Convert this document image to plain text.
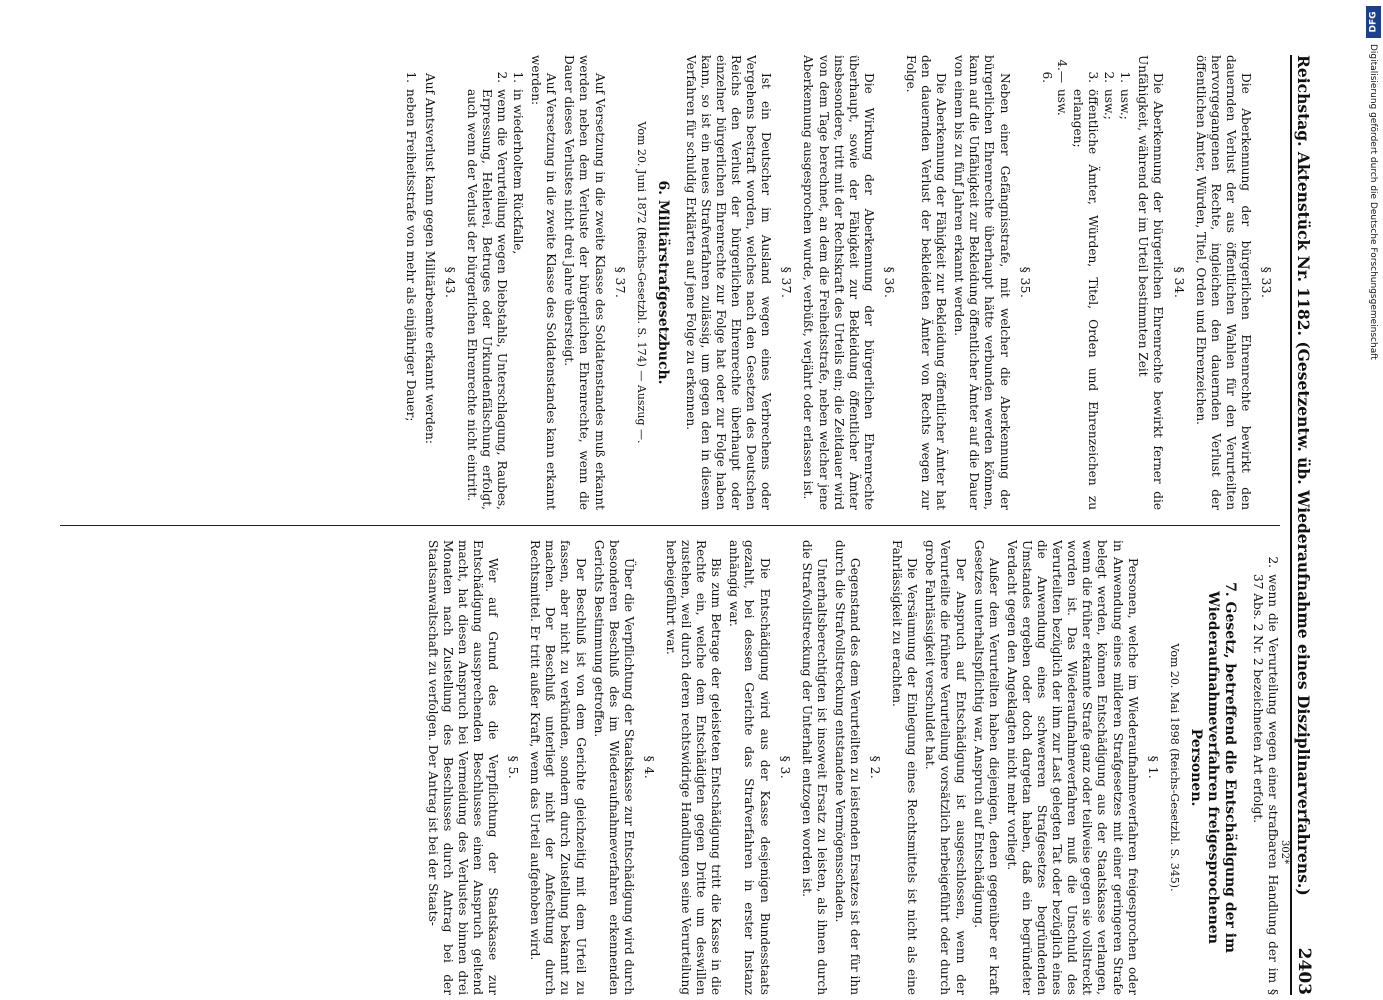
Reichstag. Aktenstück Nr. 1182. (Gesetzentw. üb. Wiederaufnahme eines Disziplinarverfahrens.)
2403
§ 33.

Die Aberkennung der bürgerlichen Ehrenrechte bewirkt den dauernden Verlust der aus öffentlichen Wahlen für den Verurteilten hervorgegangenen Rechte, ingleichen den dauernden Verlust der öffentlichen Ämter, Würden, Titel, Orden und Ehrenzeichen.

§ 34.

Die Aberkennung der bürgerlichen Ehrenrechte bewirkt ferner die Unfähigkeit, während der im Urteil bestimmten Zeit

1.
usw.;
2.
usw.;
3.
öffentliche Ämter, Würden, Titel, Orden und Ehrenzeichen zu erlangen;
4.—6.
usw.
§ 35.

Neben einer Gefängnisstrafe, mit welcher die Aberkennung der bürgerlichen Ehrenrechte überhaupt hätte verbunden werden können, kann auf die Unfähigkeit zur Bekleidung öffentlicher Ämter auf die Dauer von einem bis zu fünf Jahren erkannt werden.

Die Aberkennung der Fähigkeit zur Bekleidung öffentlicher Ämter hat den dauernden Verlust der bekleideten Ämter von Rechts wegen zur Folge.

§ 36.

Die Wirkung der Aberkennung der bürgerlichen Ehrenrechte überhaupt, sowie der Fähigkeit zur Bekleidung öffentlicher Ämter insbesondere, tritt mit der Rechtskraft des Urteils ein; die Zeitdauer wird von dem Tage berechnet, an dem die Freiheitsstrafe, neben welcher jene Aberkennung ausgesprochen wurde, verbüßt, verjährt oder erlassen ist.

§ 37.

Ist ein Deutscher im Ausland wegen eines Verbrechens oder Vergehens bestraft worden, welches nach den Gesetzen des Deutschen Reichs den Verlust der bürgerlichen Ehrenrechte überhaupt oder einzelner bürgerlichen Ehrenrechte zur Folge hat oder zur Folge haben kann, so ist ein neues Strafverfahren zulässig, um gegen den in diesem Verfahren für schuldig Erklärten auf jene Folge zu erkennen.

6. Militärstrafgesetzbuch.
Vom 20. Juni 1872 (Reichs-Gesetzbl. S. 174) — Auszug —.
§ 37.

Auf Versetzung in die zweite Klasse des Soldatenstandes muß erkannt werden neben dem Verluste der bürgerlichen Ehrenrechte, wenn die Dauer dieses Verlustes nicht drei Jahre übersteigt.

Auf Versetzung in die zweite Klasse des Soldatenstandes kann erkannt werden:

1.
in wiederholtem Rückfalle,
2.
wenn die Verurteilung wegen Diebstahls, Unterschlagung, Raubes, Erpressung, Hehlerei, Betruges oder Urkundenfälschung erfolgt, auch wenn der Verlust der bürgerlichen Ehrenrechte nicht eintritt.
§ 43.

Auf Amtsverlust kann gegen Militärbeamte erkannt werden:

1.
neben Freiheitsstrafe von mehr als einjähriger Dauer;
2.
wenn die Verurteilung wegen einer strafbaren Handlung der im § 37 Abs. 2 Nr. 2 bezeichneten Art erfolgt.
7. Gesetz, betreffend die Entschädigung der im Wiederaufnahmeverfahren freigesprochenen Personen.
Vom 20. Mai 1898 (Reichs-Gesetzbl. S. 345).
§ 1.

Personen, welche im Wiederaufnahmeverfahren freigesprochen oder in Anwendung eines milderen Strafgesetzes mit einer geringeren Strafe belegt werden, können Entschädigung aus der Staatskasse verlangen, wenn die früher erkannte Strafe ganz oder teilweise gegen sie vollstreckt worden ist. Das Wiederaufnahmeverfahren muß die Unschuld des Verurteilten bezüglich der ihm zur Last gelegten Tat oder bezüglich eines die Anwendung eines schwereren Strafgesetzes begründenden Umstandes ergeben oder doch dargetan haben, daß ein begründeter Verdacht gegen den Angeklagten nicht mehr vorliegt.

Außer dem Verurteilten haben diejenigen, denen gegenüber er kraft Gesetzes unterhaltspflichtig war, Anspruch auf Entschädigung.

Der Anspruch auf Entschädigung ist ausgeschlossen, wenn der Verurteilte die frühere Verurteilung vorsätzlich herbeigeführt oder durch grobe Fahrlässigkeit verschuldet hat.

Die Versäumung der Einlegung eines Rechtsmittels ist nicht als eine Fahrlässigkeit zu erachten.

§ 2.

Gegenstand des dem Verurteilten zu leistenden Ersatzes ist der für ihn durch die Strafvollstreckung entstandene Vermögensschaden.

Unterhaltsberechtigten ist insoweit Ersatz zu leisten, als ihnen durch die Strafvollstreckung der Unterhalt entzogen worden ist.

§ 3.

Die Entschädigung wird aus der Kasse desjenigen Bundesstaats gezahlt, bei dessen Gerichte das Strafverfahren in erster Instanz anhängig war.

Bis zum Betrage der geleisteten Entschädigung tritt die Kasse in die Rechte ein, welche dem Entschädigten gegen Dritte um deswillen zustehen, weil durch deren rechtswidrige Handlungen seine Verurteilung herbeigeführt war.

§ 4.

Über die Verpflichtung der Staatskasse zur Entschädigung wird durch besonderen Beschluß des im Wiederaufnahmeverfahren erkennenden Gerichts Bestimmung getroffen.

Der Beschluß ist von dem Gerichte gleichzeitig mit dem Urteil zu fassen, aber nicht zu verkünden, sondern durch Zustellung bekannt zu machen. Der Beschluß unterliegt nicht der Anfechtung durch Rechtsmittel. Er tritt außer Kraft, wenn das Urteil aufgehoben wird.

§ 5.

Wer auf Grund des die Verpflichtung der Staatskasse zur Entschädigung aussprechenden Beschlusses einen Anspruch geltend macht, hat diesen Anspruch bei Vermeidung des Verlustes binnen drei Monaten nach Zustellung des Beschlusses durch Antrag bei der Staatsanwaltschaft zu verfolgen. Der Antrag ist bei der Staats-	302*
DFG
Digitalisierung gefördert durch die Deutsche Forschungsgemeinschaft
